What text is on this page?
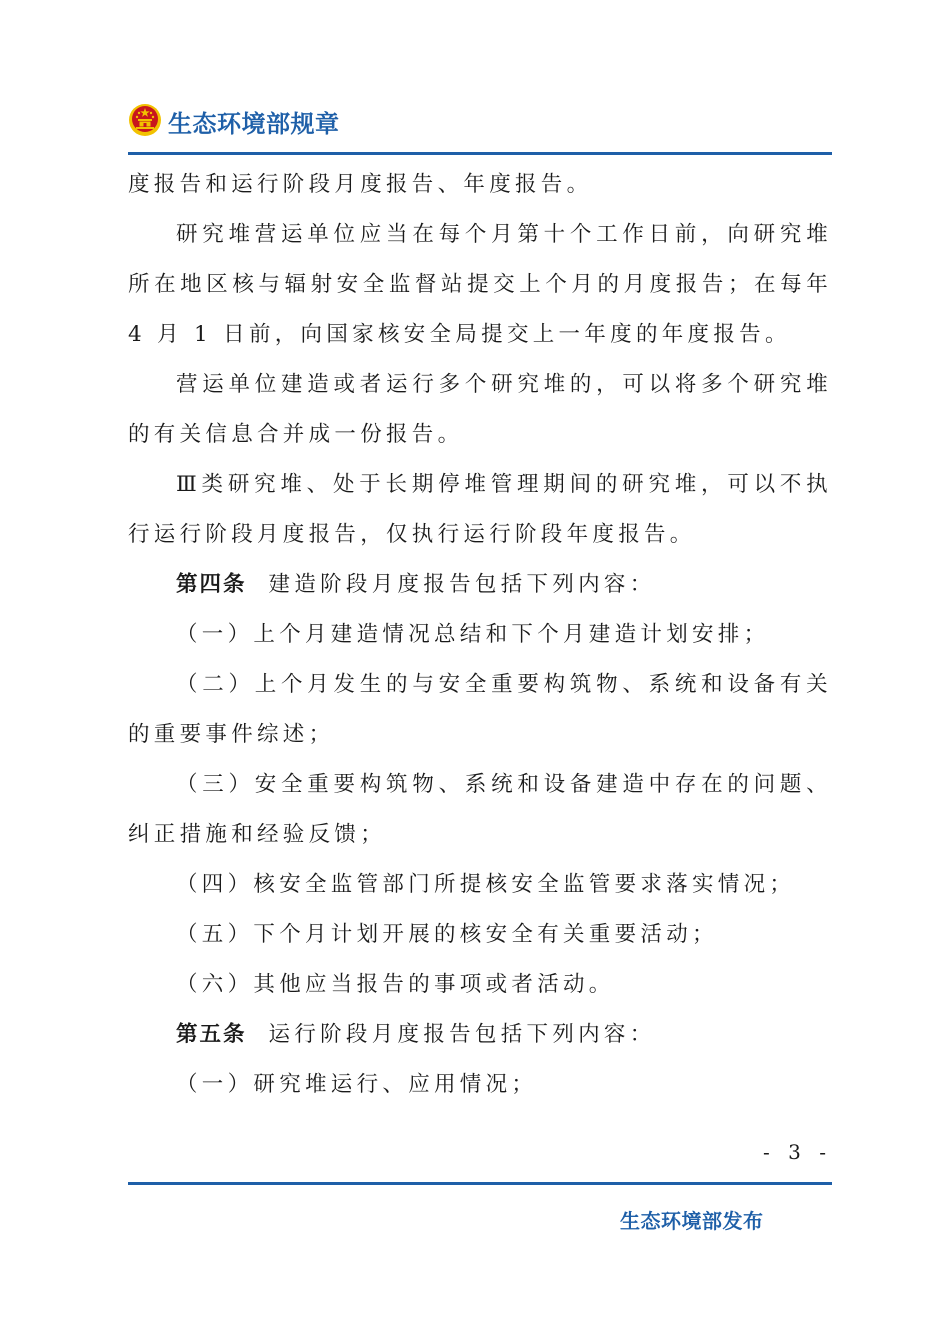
生态环境部规章

度报告和运行阶段月度报告、年度报告。

研究堆营运单位应当在每个月第十个工作日前，向研究堆所在地区核与辐射安全监督站提交上个月的月度报告；在每年 4 月 1 日前，向国家核安全局提交上一年度的年度报告。

营运单位建造或者运行多个研究堆的，可以将多个研究堆的有关信息合并成一份报告。

Ⅲ类研究堆、处于长期停堆管理期间的研究堆，可以不执行运行阶段月度报告，仅执行运行阶段年度报告。

第四条 建造阶段月度报告包括下列内容：

（一）上个月建造情况总结和下个月建造计划安排；

（二）上个月发生的与安全重要构筑物、系统和设备有关的重要事件综述；

（三）安全重要构筑物、系统和设备建造中存在的问题、纠正措施和经验反馈；

（四）核安全监管部门所提核安全监管要求落实情况；

（五）下个月计划开展的核安全有关重要活动；

（六）其他应当报告的事项或者活动。

第五条 运行阶段月度报告包括下列内容：

（一）研究堆运行、应用情况；

- 3 -
生态环境部发布
